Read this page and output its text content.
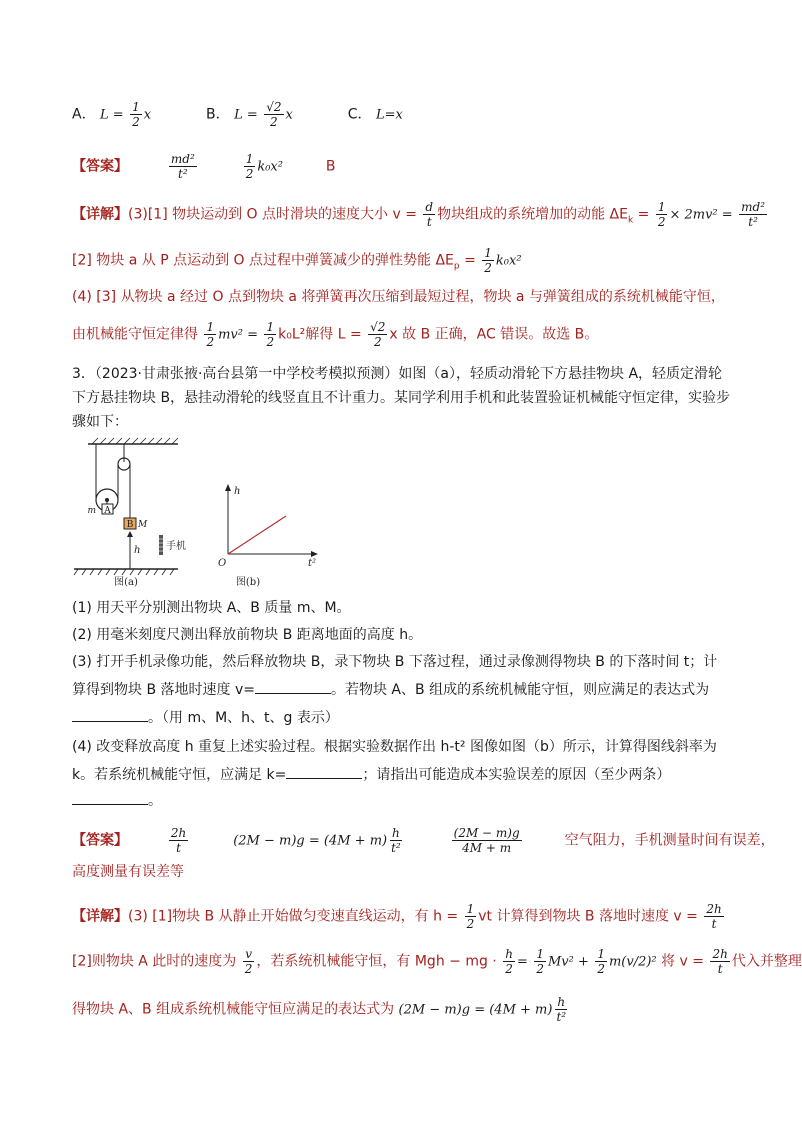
A． $L = \frac{1}{2}$ x	B． $L = \frac{√2}{2}$ x	C． L=x
【答案】	$\frac{\text{md²}}{\text{t²}}$
	$\frac{1}{2} k_0x^2$	B
【详解】(3)[1] 物块运动到 O 点时滑块的速度大小 $v = \frac{d}{t}$ 物块组成的系统增加的动能 $\Delta E_k = \frac{1}{2} \times 2mv^2 = \frac{\text{md²}}{\text{t²}}$
[2] 物块 a 从 P 点运动到 O 点过程中弹簧减少的弹性势能 $\Delta E_p = \frac{1}{2} k_0x^2$
(4) [3] 从物块 a 经过 O 点到物块 a 将弹簧再次压缩到最短过程，物块 a 与弹簧组成的系统机械能守恒，
由机械能守恒定律得 $\frac{1}{2} mv^2 = \frac{1}{2} k_0L^2$解得 $L = \frac{√2}{2}$ x 故 B 正确，AC 错误。故选 B。
3．（2023·甘肃张掖·高台县第一中学校考模拟预测）如图（a），轻质动滑轮下方悬挂物块 A，轻质定滑轮
下方悬挂物块 B，悬挂动滑轮的线竖直且不计重力。某同学利用手机和此装置验证机械能守恒定律，实验步
骤如下：
A
m
B M
h	手机
图(a)
h
O	t²
图(b)
(1) 用天平分别测出物块 A、B 质量 m、M。
(2) 用毫米刻度尺测出释放前物块 B 距离地面的高度 h。
(3) 打开手机录像功能，然后释放物块 B，录下物块 B 下落过程，通过录像测得物块 B 的下落时间 t；计
算得到物块 B 落地时速度 v=	。若物块 A、B 组成的系统机械能守恒，则应满足的表达式为
。（用 m、M、h、t、g 表示）
(4) 改变释放高度 h 重复上述实验过程。根据实验数据作出 h-t² 图像如图（b）所示，计算得图线斜率为
k。若系统机械能守恒，应满足 k=	；请指出可能造成本实验误差的原因（至少两条）
。
【答案】	$\frac{2h}{t}$	$(2M - m)g = (4M + m) \frac{h}{\text{t²}}$
	$\frac{(2M - m)g}{4M + m}$	空气阻力，手机测量时间有误差，
高度测量有误差等
【详解】(3) [1]物块 B 从静止开始做匀变速直线运动，有 $h = \frac{1}{2}$ vt 计算得到物块 B 落地时速度 $v = \frac{2h}{t}$
[2]则物块 A 此时的速度为 $\frac{v}{2}$ ，若系统机械能守恒，有 Mgh − mg · $\frac{h}{2} = \frac{1}{2} Mv^2 + \frac{1}{2} m(v/2)^2$ 将 $v = \frac{2h}{t}$ 代入并整理
得物块 A、B 组成系统机械能守恒应满足的表达式为 $(2M - m)g = (4M + m) \frac{h}{\text{t²}}$
